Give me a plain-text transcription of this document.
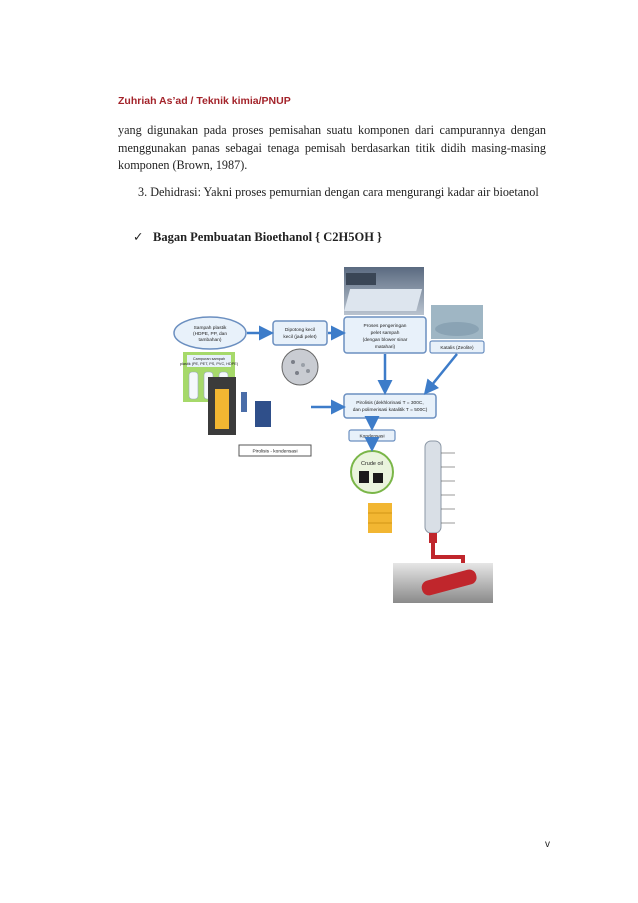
Zuhriah As’ad / Teknik kimia/PNUP

yang digunakan pada proses pemisahan suatu komponen dari campurannya dengan menggunakan panas sebagai tenaga pemisah berdasarkan titik didih masing-masing komponen (Brown, 1987).

3. Dehidrasi: Yakni proses pemurnian dengan cara mengurangi kadar air bioetanol

✓ Bagan Pembuatan Bioethanol { C2H5OH }
Sampah plastik
(HDPE, PP, dan
tambahan)
Dipotong kecil
kecil (jadi pelet)
Proses pengeringan
pelet sampah
(dengan blower sinar
matahari)	Katalis (Zeolite)
Campuran sampah
plastik (PE, PET, PS, PVC, HDPE)
Pirolisis - kondensasi
Pirolisis (dekhlorinasi T = 300C,
dan polimerisasi katalitik T = 500C)
Kondensasi
Crude oil
v
